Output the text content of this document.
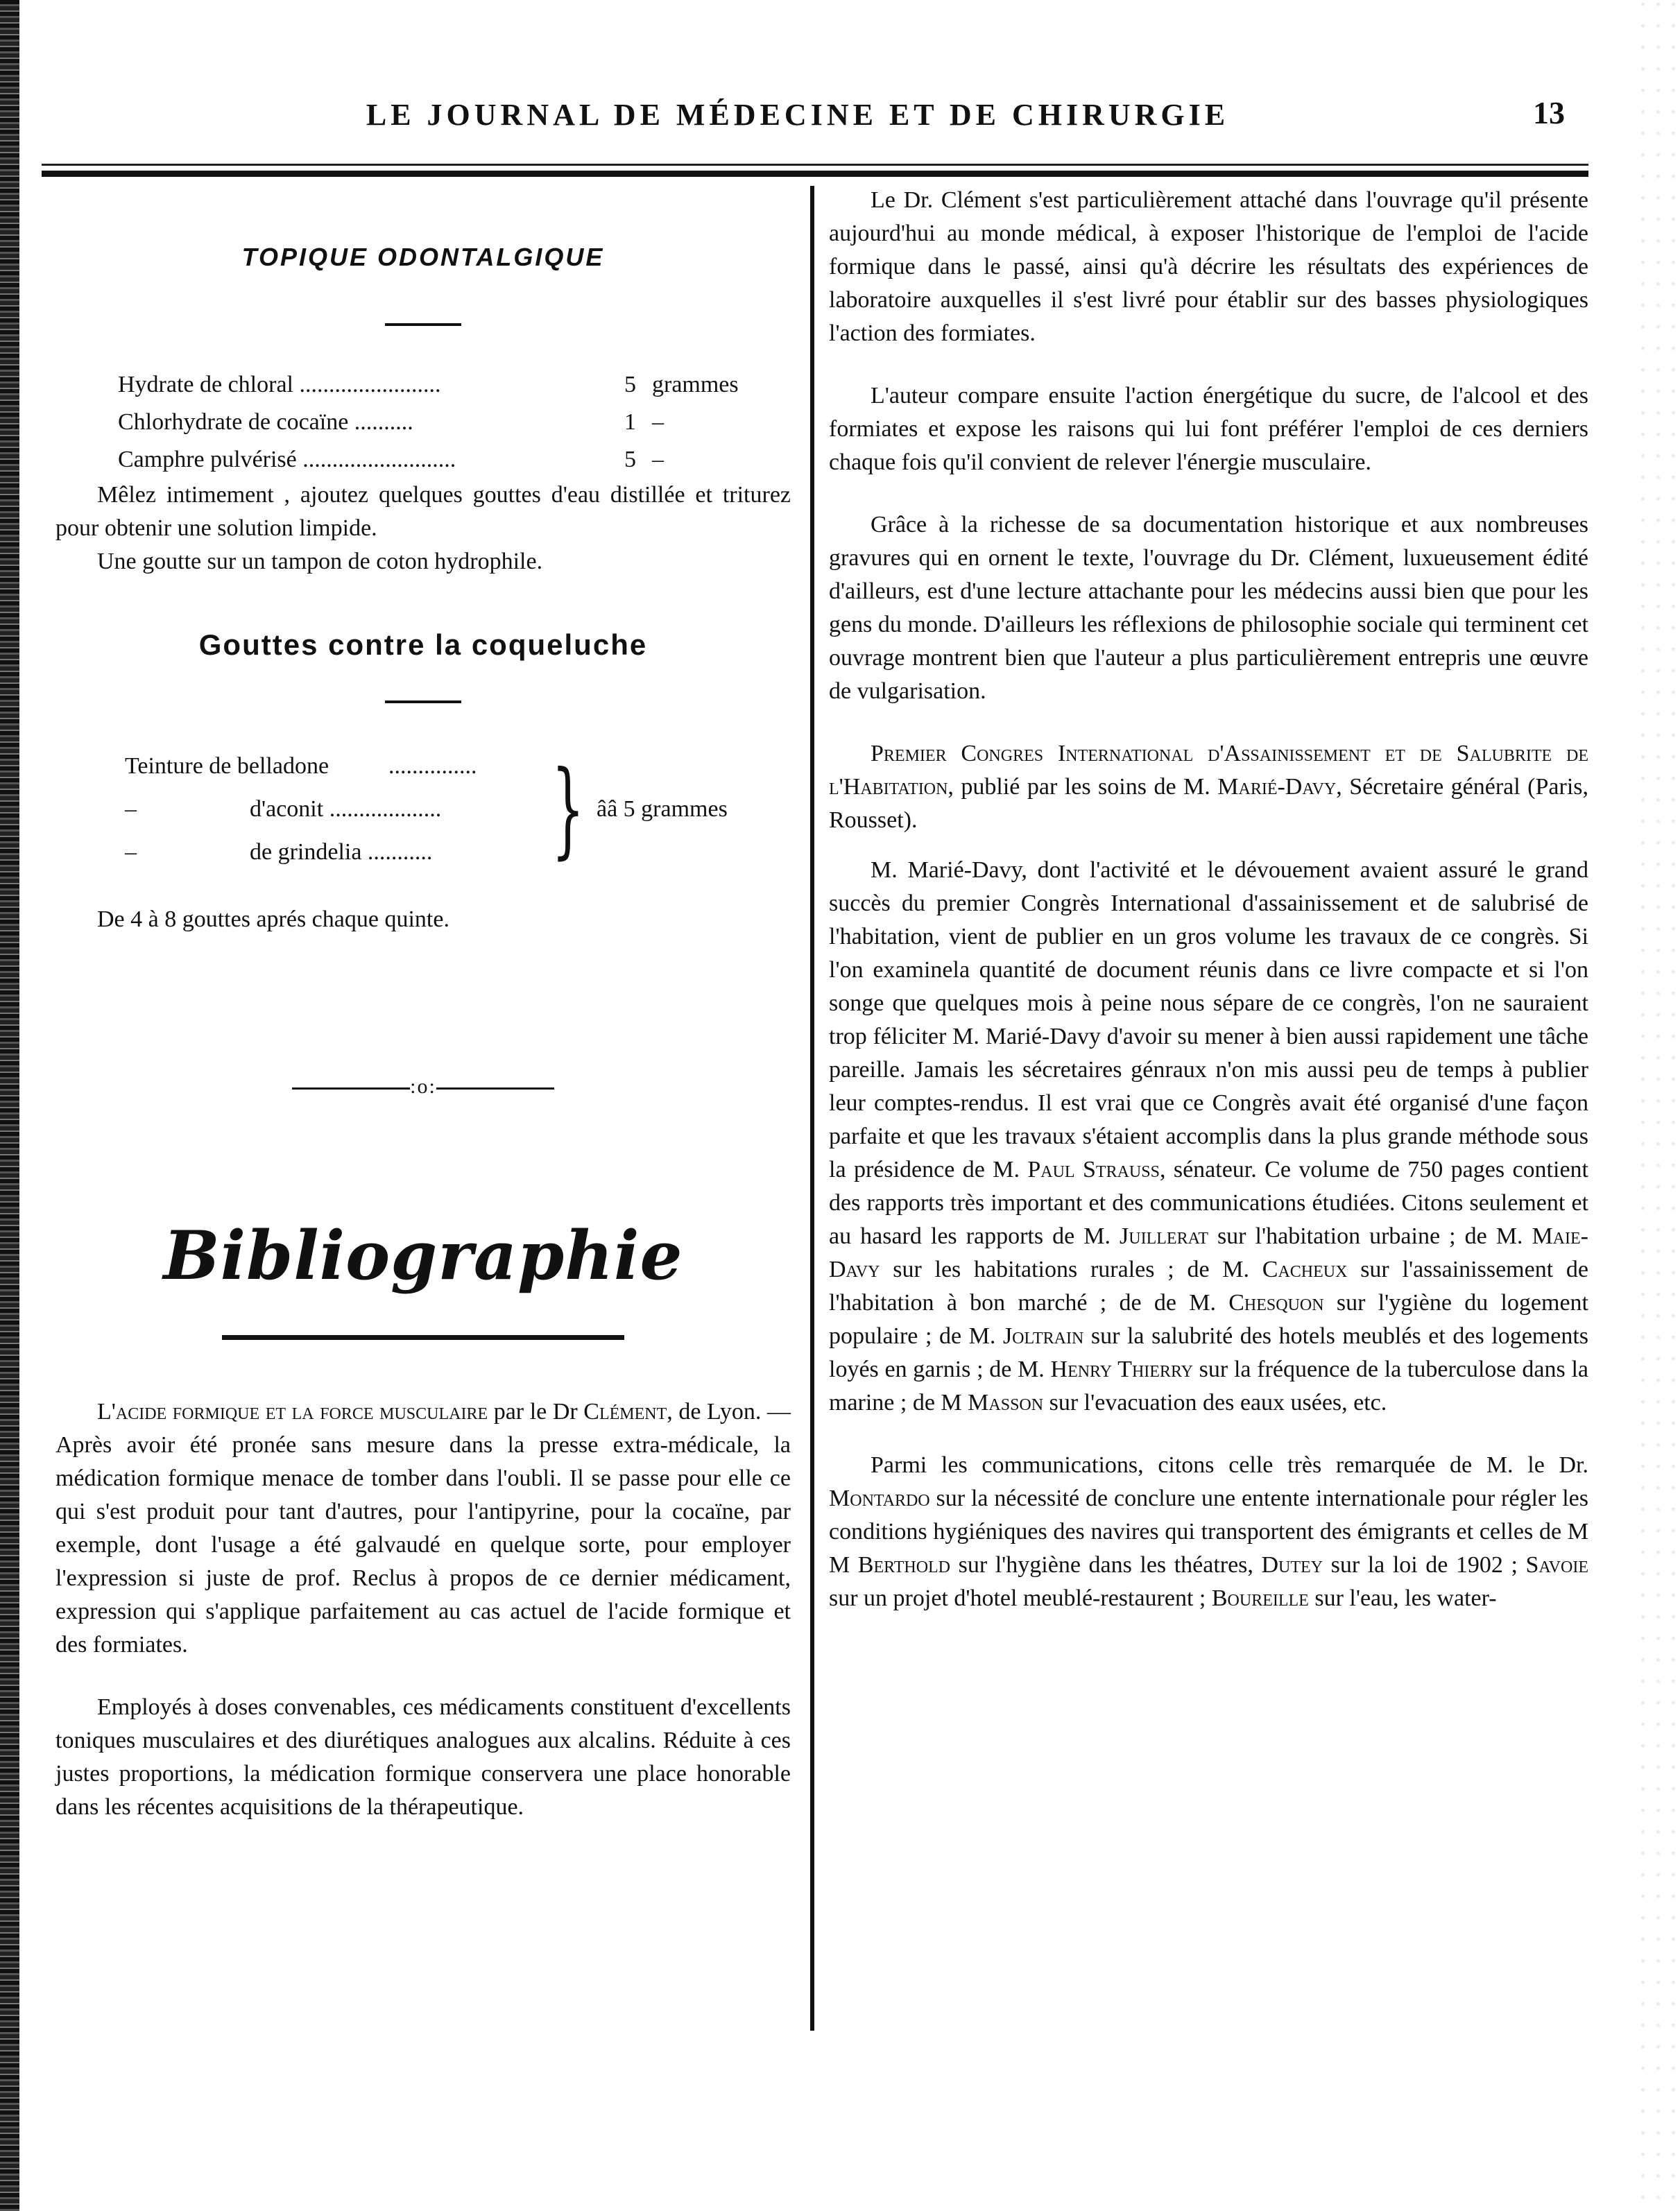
LE JOURNAL DE MÉDECINE ET DE CHIRURGIE	13
TOPIQUE ODONTALGIQUE
Hydrate de chloral ........................	5 grammes
Chlorhydrate de cocaïne ..........	1 –
Camphre pulvérisé ..........................	5 –

Mêlez intimement , ajoutez quelques gouttes d'eau distillée et triturez pour obtenir une solution limpide.

Une goutte sur un tampon de coton hydrophile.

Gouttes contre la coqueluche
Teinture de belladone	...............
–	d'aconit ...................
–	de grindelia ...........	} ââ 5 grammes

De 4 à 8 gouttes aprés chaque quinte.

:o:
Bibliographie

L'acide formique et la force musculaire par le Dr Clément, de Lyon. — Après avoir été pronée sans mesure dans la presse extra-médicale, la médication formique menace de tomber dans l'oubli. Il se passe pour elle ce qui s'est produit pour tant d'autres, pour l'antipyrine, pour la cocaïne, par exemple, dont l'usage a été galvaudé en quelque sorte, pour employer l'expression si juste de prof. Reclus à propos de ce dernier médicament, expression qui s'applique parfaitement au cas actuel de l'acide formique et des formiates.

Employés à doses convenables, ces médicaments constituent d'excellents toniques musculaires et des diurétiques analogues aux alcalins. Réduite à ces justes proportions, la médication formique conservera une place honorable dans les récentes acquisitions de la thérapeutique.

Le Dr. Clément s'est particulièrement attaché dans l'ouvrage qu'il présente aujourd'hui au monde médical, à exposer l'historique de l'emploi de l'acide formique dans le passé, ainsi qu'à décrire les résultats des expériences de laboratoire auxquelles il s'est livré pour établir sur des basses physiologiques l'action des formiates.

L'auteur compare ensuite l'action énergétique du sucre, de l'alcool et des formiates et expose les raisons qui lui font préférer l'emploi de ces derniers chaque fois qu'il convient de relever l'énergie musculaire.

Grâce à la richesse de sa documentation historique et aux nombreuses gravures qui en ornent le texte, l'ouvrage du Dr. Clément, luxueusement édité d'ailleurs, est d'une lecture attachante pour les médecins aussi bien que pour les gens du monde. D'ailleurs les réflexions de philosophie sociale qui terminent cet ouvrage montrent bien que l'auteur a plus particulièrement entrepris une œuvre de vulgarisation.

Premier Congres International d'Assainissement et de Salubrite de l'Habitation, publié par les soins de M. Marié-Davy, Sécretaire général (Paris, Rousset).

M. Marié-Davy, dont l'activité et le dévouement avaient assuré le grand succès du premier Congrès International d'assainissement et de salubrisé de l'habitation, vient de publier en un gros volume les travaux de ce congrès. Si l'on examinela quantité de document réunis dans ce livre compacte et si l'on songe que quelques mois à peine nous sépare de ce congrès, l'on ne sauraient trop féliciter M. Marié-Davy d'avoir su mener à bien aussi rapidement une tâche pareille. Jamais les sécretaires génraux n'on mis aussi peu de temps à publier leur comptes-rendus. Il est vrai que ce Congrès avait été organisé d'une façon parfaite et que les travaux s'étaient accomplis dans la plus grande méthode sous la présidence de M. Paul Strauss, sénateur. Ce volume de 750 pages contient des rapports très important et des communications étudiées. Citons seulement et au hasard les rapports de M. Juillerat sur l'habitation urbaine ; de M. Maie-Davy sur les habitations rurales ; de M. Cacheux sur l'assainissement de l'habitation à bon marché ; de de M. Chesquon sur l'ygiène du logement populaire ; de M. Joltrain sur la salubrité des hotels meublés et des logements loyés en garnis ; de M. Henry Thierry sur la fréquence de la tuberculose dans la marine ; de M Masson sur l'evacuation des eaux usées, etc.

Parmi les communications, citons celle très remarquée de M. le Dr. Montardo sur la nécessité de conclure une entente internationale pour régler les conditions hygiéniques des navires qui transportent des émigrants et celles de M M Berthold sur l'hygiène dans les théatres, Dutey sur la loi de 1902 ; Savoie sur un projet d'hotel meublé-restaurent ; Boureille sur l'eau, les water-
